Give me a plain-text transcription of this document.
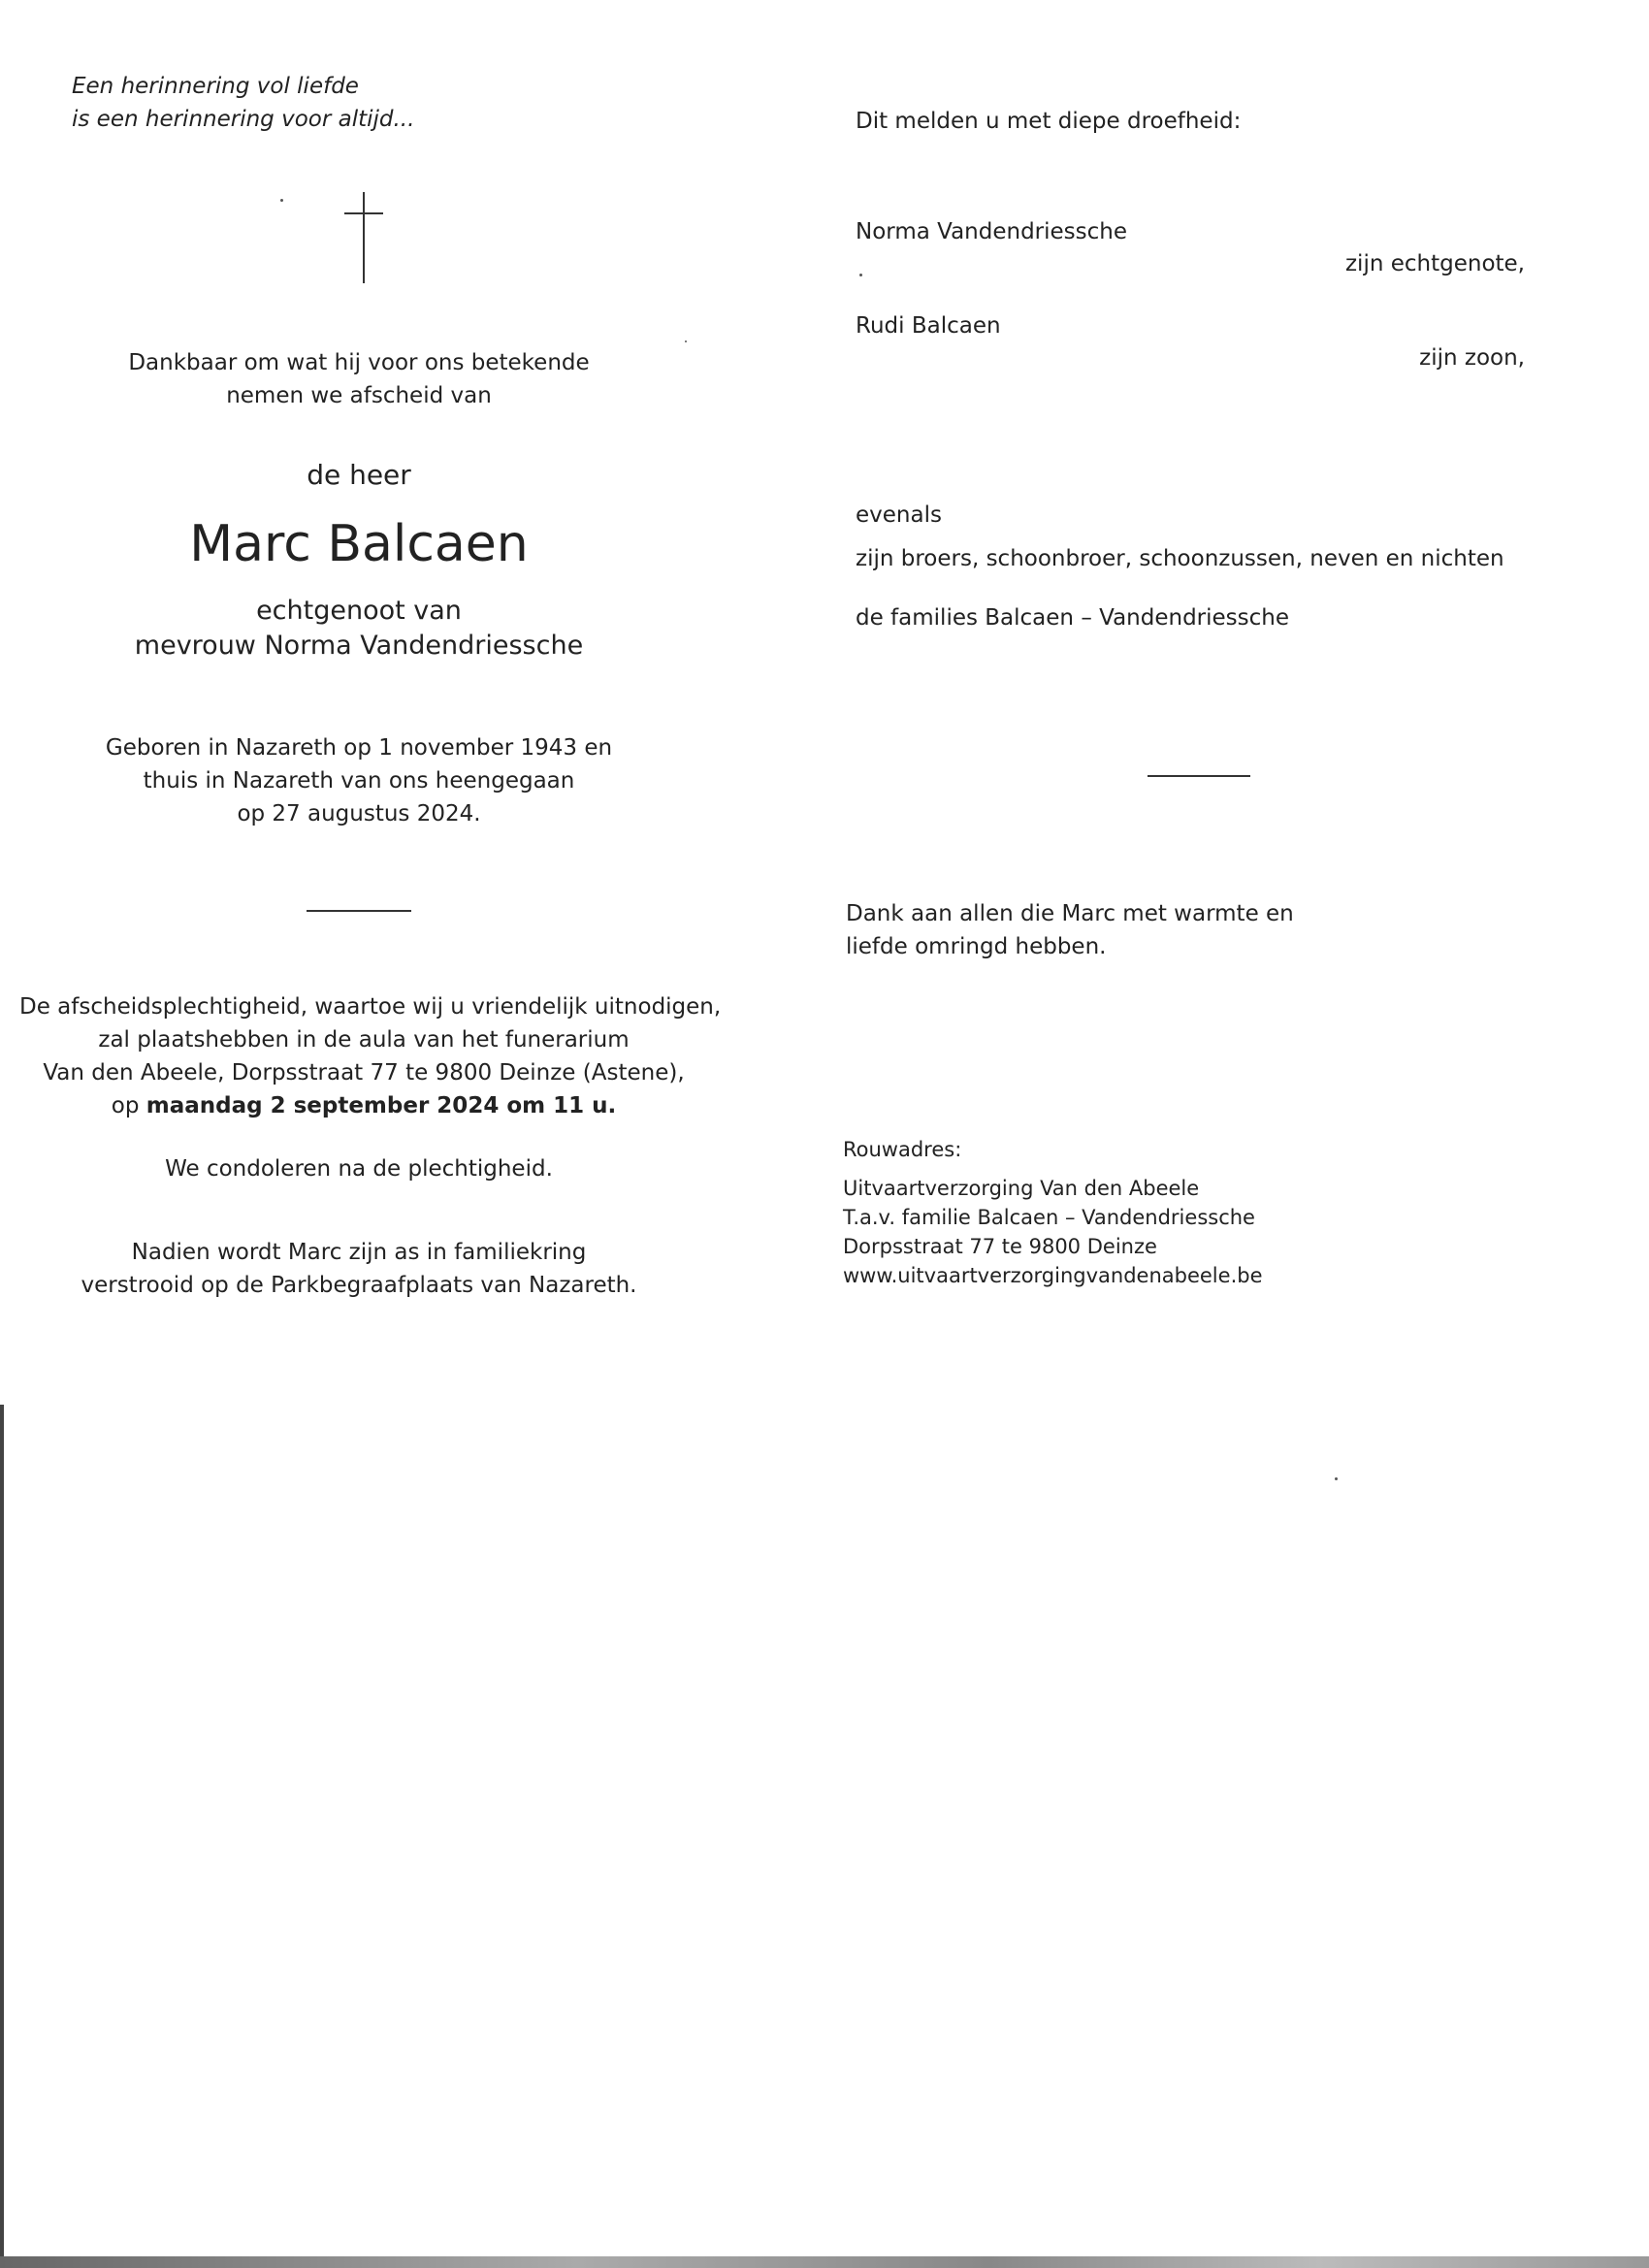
Een herinnering vol liefde
is een herinnering voor altijd...
Dankbaar om wat hij voor ons betekende
nemen we afscheid van
de heer
Marc Balcaen
echtgenoot van
mevrouw Norma Vandendriessche
Geboren in Nazareth op 1 november 1943 en
thuis in Nazareth van ons heengegaan
op 27 augustus 2024.
De afscheidsplechtigheid, waartoe wij u vriendelijk uitnodigen,
zal plaatshebben in de aula van het funerarium
Van den Abeele, Dorpsstraat 77 te 9800 Deinze (Astene),
op maandag 2 september 2024 om 11 u.
We condoleren na de plechtigheid.
Nadien wordt Marc zijn as in familiekring
verstrooid op de Parkbegraafplaats van Nazareth.
Dit melden u met diepe droefheid:
Norma Vandendriessche
zijn echtgenote,
Rudi Balcaen
zijn zoon,
evenals
zijn broers, schoonbroer, schoonzussen, neven en nichten
de families Balcaen – Vandendriessche
Dank aan allen die Marc met warmte en
liefde omringd hebben.
Rouwadres:
Uitvaartverzorging Van den Abeele
T.a.v. familie Balcaen – Vandendriessche
Dorpsstraat 77 te 9800 Deinze
www.uitvaartverzorgingvandenabeele.be
